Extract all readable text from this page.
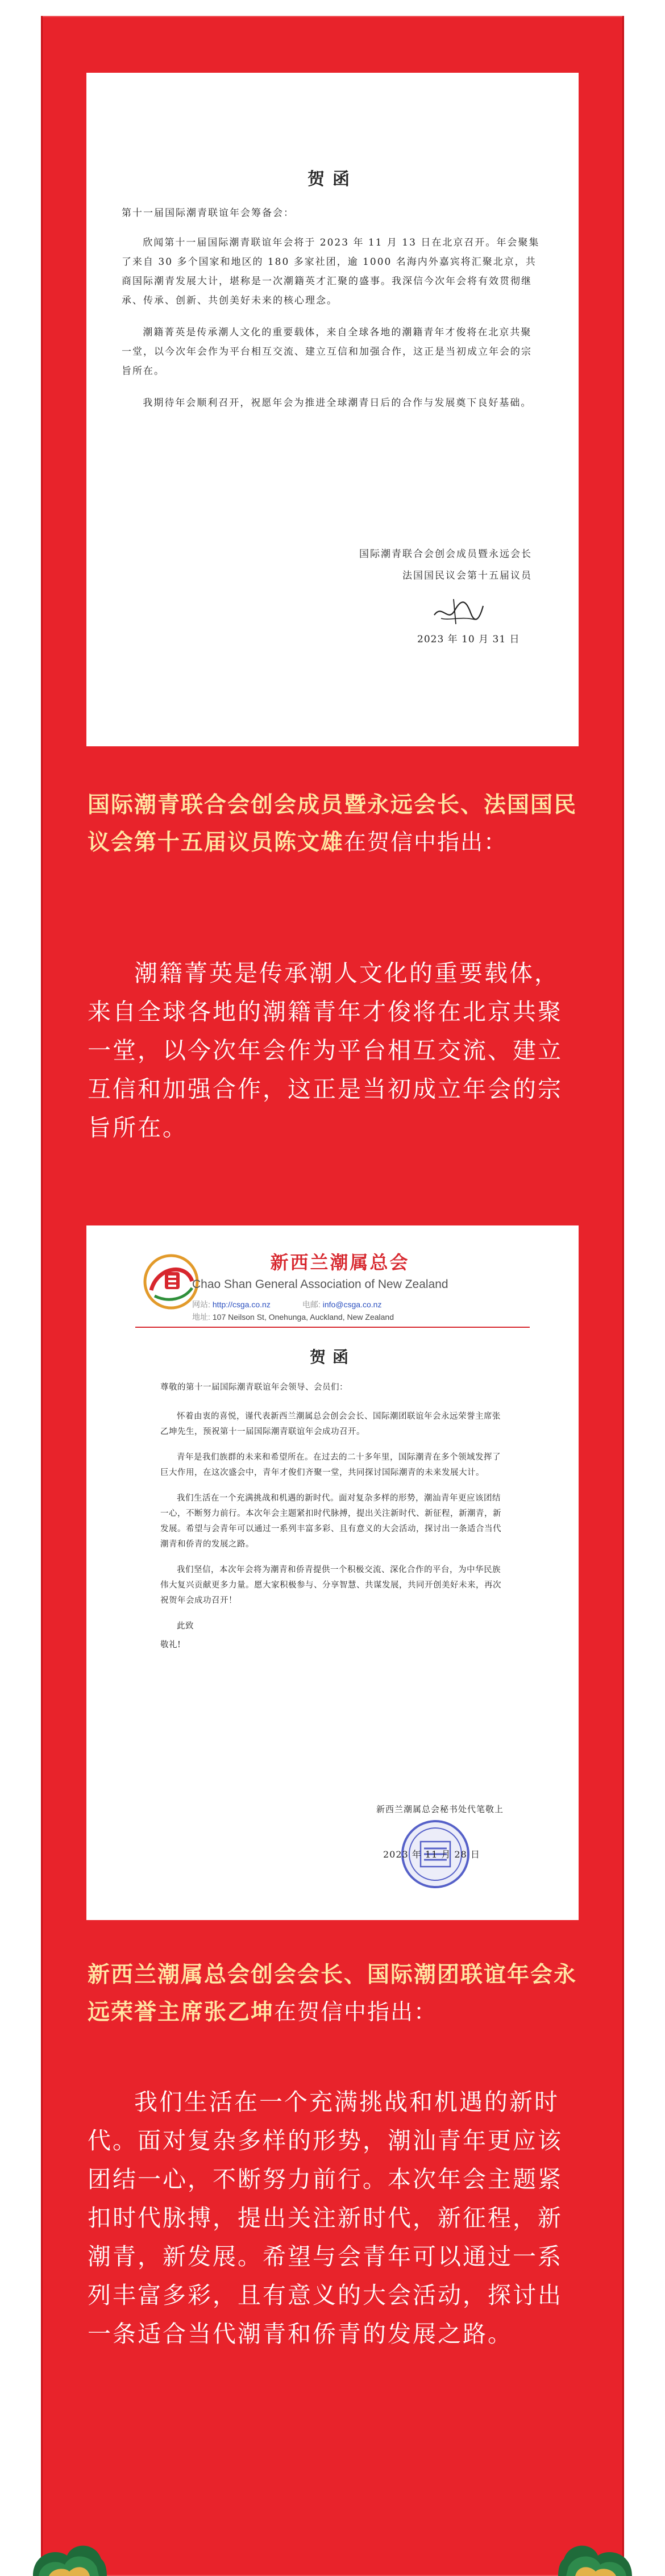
贺函

第十一届国际潮青联谊年会筹备会：

欣闻第十一届国际潮青联谊年会将于 2023 年 11 月 13 日在北京召开。年会聚集了来自 30 多个国家和地区的 180 多家社团，逾 1000 名海内外嘉宾将汇聚北京，共商国际潮青发展大计，堪称是一次潮籍英才汇聚的盛事。我深信今次年会将有效贯彻继承、传承、创新、共创美好未来的核心理念。

潮籍菁英是传承潮人文化的重要载体，来自全球各地的潮籍青年才俊将在北京共聚一堂，以今次年会作为平台相互交流、建立互信和加强合作，这正是当初成立年会的宗旨所在。

我期待年会顺利召开，祝愿年会为推进全球潮青日后的合作与发展奠下良好基础。

国际潮青联合会创会成员暨永远会长
法国国民议会第十五届议员
2023 年 10 月 31 日
国际潮青联合会创会成员暨永远会长、法国国民议会第十五届议员陈文雄在贺信中指出：

潮籍菁英是传承潮人文化的重要载体，来自全球各地的潮籍青年才俊将在北京共聚一堂，以今次年会作为平台相互交流、建立互信和加强合作，这正是当初成立年会的宗旨所在。

新西兰潮属总会
Chao Shan General Association of New Zealand
网站: http://csga.co.nz	电邮: info@csga.co.nz
地址: 107 Neilson St, Onehunga, Auckland, New Zealand
贺函

尊敬的第十一届国际潮青联谊年会领导、会员们：

怀着由衷的喜悦，谨代表新西兰潮属总会创会会长、国际潮团联谊年会永远荣誉主席张乙坤先生，预祝第十一届国际潮青联谊年会成功召开。

青年是我们族群的未来和希望所在。在过去的二十多年里，国际潮青在多个领域发挥了巨大作用，在这次盛会中，青年才俊们齐聚一堂，共同探讨国际潮青的未来发展大计。

我们生活在一个充满挑战和机遇的新时代。面对复杂多样的形势，潮汕青年更应该团结一心，不断努力前行。本次年会主题紧扣时代脉搏，提出关注新时代、新征程，新潮青，新发展。希望与会青年可以通过一系列丰富多彩、且有意义的大会活动，探讨出一条适合当代潮青和侨青的发展之路。

我们坚信，本次年会将为潮青和侨青提供一个积极交流、深化合作的平台，为中华民族伟大复兴贡献更多力量。愿大家积极参与、分享智慧、共谋发展，共同开创美好未来，再次祝贺年会成功召开！

此致

敬礼!

新西兰潮属总会秘书处代笔敬上
2023 年 11 月 28 日
新西兰潮属总会创会会长、国际潮团联谊年会永远荣誉主席张乙坤在贺信中指出：

我们生活在一个充满挑战和机遇的新时代。面对复杂多样的形势，潮汕青年更应该团结一心，不断努力前行。本次年会主题紧扣时代脉搏，提出关注新时代，新征程，新潮青，新发展。希望与会青年可以通过一系列丰富多彩，且有意义的大会活动，探讨出一条适合当代潮青和侨青的发展之路。
